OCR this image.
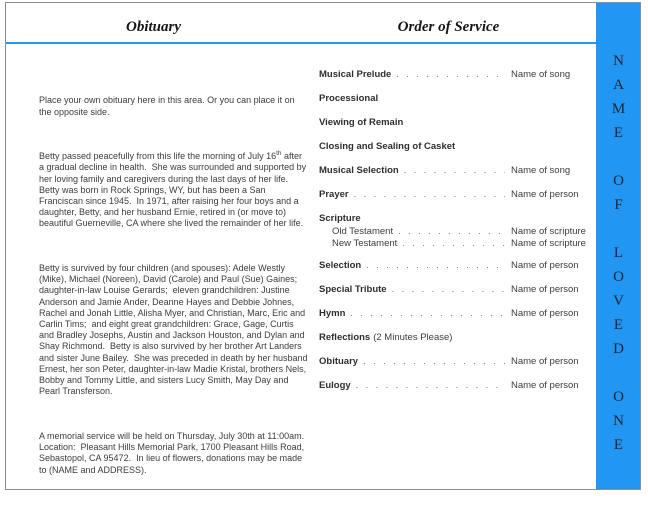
Obituary	Order of Service

Place your own obituary here in this area. Or you can place it on the opposite side.

Betty passed peacefully from this life the morning of July 16th after a gradual decline in health.  She was surrounded and supported by her loving family and caregivers during the last days of her life.  Betty was born in Rock Springs, WY, but has been a San Franciscan since 1945.  In 1971, after raising her four boys and a daughter, Betty, and her husband Ernie, retired in (or move to) beautiful Guerneville, CA where she lived the remainder of her life.

Betty is survived by four children (and spouses): Adele Westly (Mike), Michael (Noreen), David (Carole) and Paul (Sue) Gaines;  daughter-in-law Louise Gerards;  eleven grandchildren: Justine Anderson and Jamie Ander, Deanne Hayes and Debbie Johnes, Rachel and Jonah Little, Alisha Myer, and Christian, Marc, Eric and Carlin Tims;  and eight great grandchildren: Grace, Gage, Curtis and Bradley Josephs, Austin and Jackson Houston, and Dylan and Shay Richmond.  Betty is also survived by her brother Art Landers and sister June Bailey.  She was preceded in death by her husband Ernest, her son Peter, daughter-in-law Madie Kristal, brothers Nels, Bobby and Tommy Little, and sisters Lucy Smith, May Day and Pearl Transferson.

A memorial service will be held on Thursday, July 30th at 11:00am.  Location:  Pleasant Hills Memorial Park, 1700 Pleasant Hills Road, Sebastopol, CA 95472.  In lieu of flowers, donations may be made to (NAME and ADDRESS).

Musical Prelude . . .	Name of song
Processional
Viewing of Remain
Closing and Sealing of Casket
Musical Selection . . .	Name of song
Prayer . . .	Name of person
Scripture
Old Testament . . .	Name of scripture
New Testament . . .	Name of scripture
Selection . . .	Name of person
Special Tribute . . .	Name of person
Hymn . . .	Name of person
Reflections (2 Minutes Please)
Obituary . . .	Name of person
Eulogy . . .	Name of person	NAME OF LOVED ONE
